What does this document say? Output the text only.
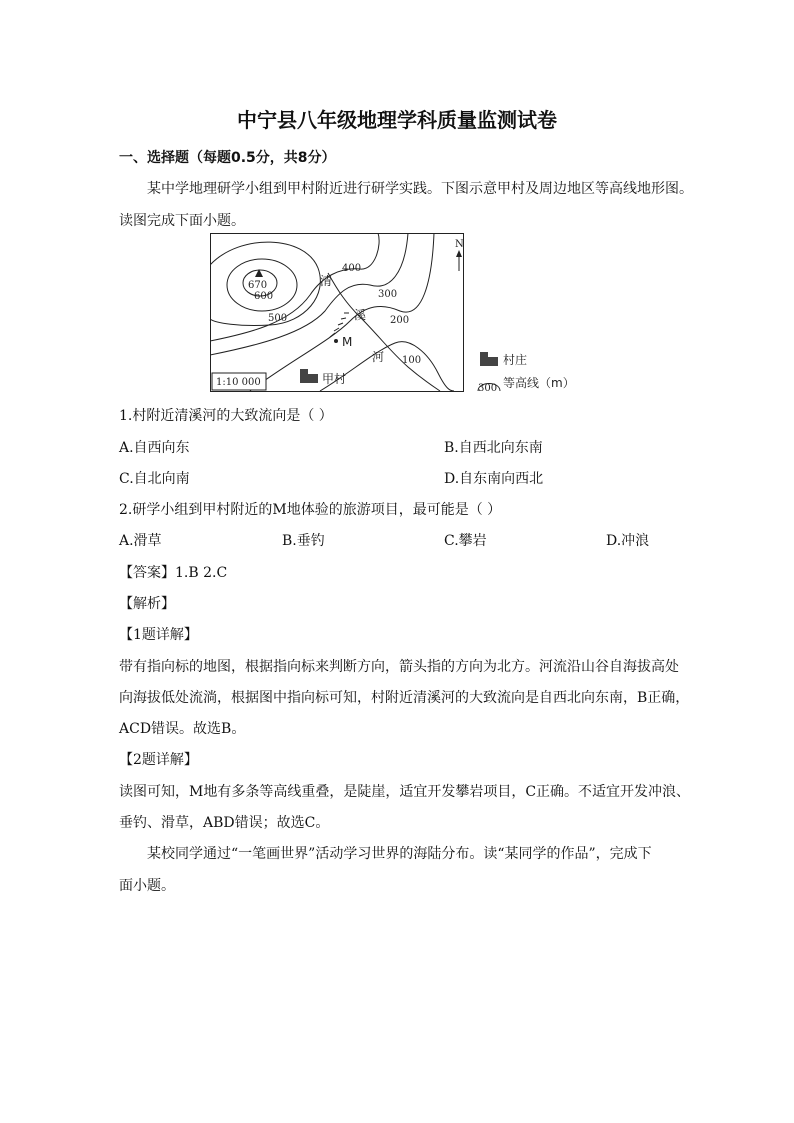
中宁县八年级地理学科质量监测试卷
一、选择题（每题0.5分，共8分）
某中学地理研学小组到甲村附近进行研学实践。下图示意甲村及周边地区等高线地形图。
读图完成下面小题。
670
600
500
400
300
200
100
清
溪
河
M
N
1:10 000	甲村
村庄
300 等高线（m）
1.村附近清溪河的大致流向是（ ）
A.自西向东	B.自西北向东南
C.自北向南	D.自东南向西北
2.研学小组到甲村附近的M地体验的旅游项目，最可能是（ ）
A.滑草	B.垂钓	C.攀岩	D.冲浪
【答案】1.B 2.C
【解析】
【1题详解】
带有指向标的地图，根据指向标来判断方向，箭头指的方向为北方。河流沿山谷自海拔高处
向海拔低处流淌，根据图中指向标可知，村附近清溪河的大致流向是自西北向东南，B正确，
ACD错误。故选B。
【2题详解】
读图可知，M地有多条等高线重叠，是陡崖，适宜开发攀岩项目，C正确。不适宜开发冲浪、
垂钓、滑草，ABD错误；故选C。
某校同学通过“一笔画世界”活动学习世界的海陆分布。读“某同学的作品”，完成下
面小题。
